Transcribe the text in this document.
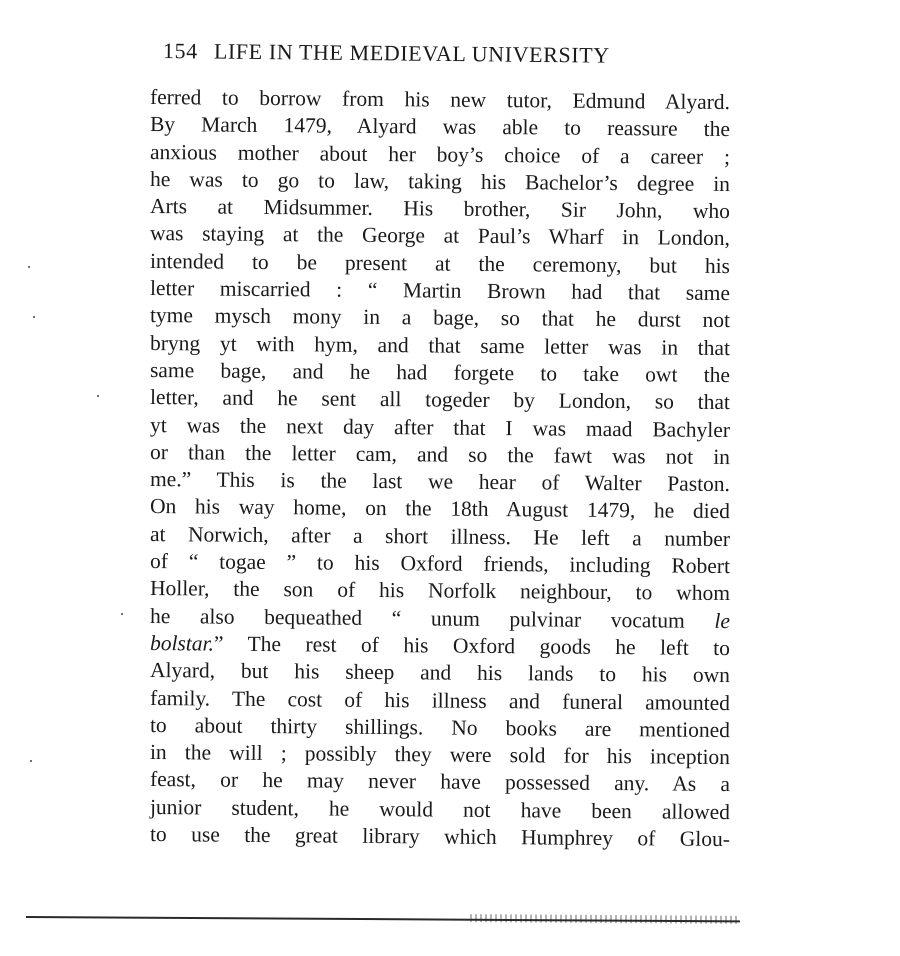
154 LIFE IN THE MEDIEVAL UNIVERSITY
ferred to borrow from his new tutor, Edmund Alyard.
By March 1479, Alyard was able to reassure the
anxious mother about her boy’s choice of a career ;
he was to go to law, taking his Bachelor’s degree in
Arts at Midsummer. His brother, Sir John, who
was staying at the George at Paul’s Wharf in London,
intended to be present at the ceremony, but his
letter miscarried : “ Martin Brown had that same
tyme mysch mony in a bage, so that he durst not
bryng yt with hym, and that same letter was in that
same bage, and he had forgete to take owt the
letter, and he sent all togeder by London, so that
yt was the next day after that I was maad Bachyler
or than the letter cam, and so the fawt was not in
me.” This is the last we hear of Walter Paston.
On his way home, on the 18th August 1479, he died
at Norwich, after a short illness. He left a number
of “ togae ” to his Oxford friends, including Robert
Holler, the son of his Norfolk neighbour, to whom
he also bequeathed “ unum pulvinar vocatum le
bolstar.” The rest of his Oxford goods he left to
Alyard, but his sheep and his lands to his own
family. The cost of his illness and funeral amounted
to about thirty shillings. No books are mentioned
in the will ; possibly they were sold for his inception
feast, or he may never have possessed any. As a
junior student, he would not have been allowed
to use the great library which Humphrey of Glou-
